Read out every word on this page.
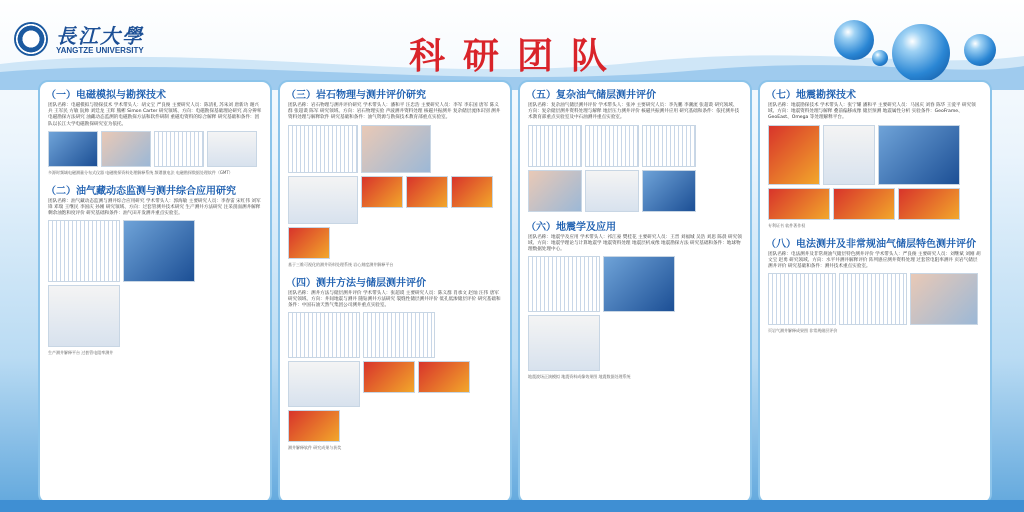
長江大學
YANGTZE UNIVERSITY	科研团队
（一）电磁模拟与勘探技术
团队名称：电磁模拟与勘探技术 学术带头人：胡文宝 严良俊 主要研究人员：陈清礼 苏朱刘 唐新功 谢兴兵 王军民 方敏 阮帅 刘廷龙 王辉 熊彬 Simon Carter 研究领域、方向：电磁勘探基础理论研究 高分辨率电磁勘探方法研究 油藏动态监测的电磁勘探方法和软件研制 重磁电资料的综合解释 研究基础和条件：团队以长江大学电磁勘探研究室为依托。
多源时频域电磁测量分布式仪器 电磁勘探资料处理解释系统 频谱激电法 电磁勘探数据处理软件（GMT）
（二）油气藏动态监测与测井综合应用研究
团队名称：油气藏动态监测与测井综合应用研究 学术带头人：郭海敏 主要研究人员：李春雷 宋红伟 刘军锋 邓瑞 王继民 李国庆 孙刚 研究领域、方向：过套管测井技术研究 生产测井方法研究 注采剖面测井解释 剩余油饱和度评价 研究基础和条件：油气田开发测井重点实验室。
生产测井解释平台 过套管电阻率测井
（三）岩石物理与测井评价研究
团队名称：岩石物理与测井评价研究 学术带头人：潘和平 汪忠浩 主要研究人员：李军 李东国 唐军 陈义群 张超谟 陈军 研究领域、方向：岩石物理实验 声波测井资料处理 核磁共振测井 复杂储层流体识别 测井资料处理与解释软件 研究基础和条件：油气资源与勘探技术教育部重点实验室。
基于三维可视化的测井资料处理系统 岩心刻度测井解释平台
（四）测井方法与储层测井评价
团队名称：测井方法与储层测井评价 学术带头人：张超谟 主要研究人员：陈义群 肖承文 赵灿 汪伟 唐军 研究领域、方向：井间地震与测井 随钻测井方法研究 裂缝性储层测井评价 低孔低渗储层评价 研究基础和条件：中国石油天然气集团公司测井重点实验室。
测井解释软件 研究成果与获奖
（五）复杂油气储层测井评价
团队名称：复杂油气储层测井评价 学术带头人：张冲 主要研究人员：李先鹏 李潮流 张超谟 研究领域、方向：复杂储层测井资料处理与解释 地层压力测井评价 核磁共振测井应用 研究基础和条件：依托测井技术教育部重点实验室及中石油测井重点实验室。
（六）地震学及应用
团队名称：地震学及应用 学术带头人：祁江豪 樊桂花 主要研究人员：王晋 刘福城 吴浩 刘思 陈晨 研究领域、方向：地震学理论与计算地震学 地震资料处理 地震层析成像 地震勘探方法 研究基础和条件：地球物理数据处理中心。
地震波场正演模拟 地震资料成像效果图 地震数据处理系统
（七）地震勘探技术
团队名称：地震勘探技术 学术带头人：张宁耀 潘和平 主要研究人员：马国庆 刘春 陈华 王爱平 研究领域、方向：地震资料处理与解释 叠前偏移成像 储层预测 地震属性分析 实验条件：GeoFrame、GeoEast、Omega 等处理解释平台。
专利证书 软件著作权
（八）电法测井及非常规油气储层特色测井评价
团队名称：电法测井及非常规油气储层特色测井评价 学术带头人：严良俊 主要研究人员：刘继斌 刘刚 胡文宝 赵勇 研究领域、方向：水平井测井解释评价 阵列感应测井资料处理 过套管电阻率测井 页岩气储层测井评价 研究基础和条件：测井技术重点实验室。
页岩气测井解释成果图 非常规储层评价
